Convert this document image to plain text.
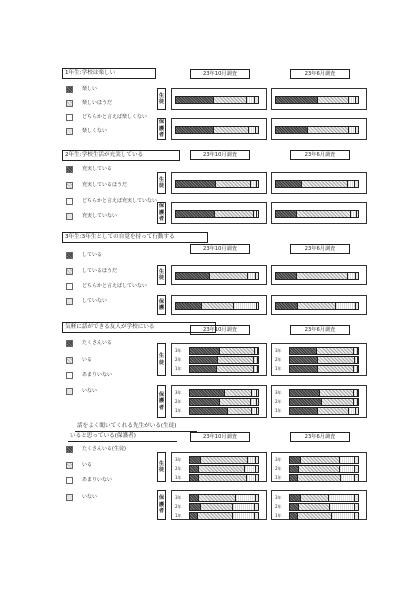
1年生:学校は楽しい	23年10月調査	23年6月調査
楽しい
楽しいほうだ
どちらかと言えば楽しくない
楽しくない
生
徒
保
護
者
2年生:学校生活が充実している	23年10月調査	23年6月調査
充実している
充実しているほうだ
どちらかと言えば充実していない
充実していない
生
徒
保
護
者
3年生:3年生としての自覚を持って行動する
23年10月調査	23年6月調査
している
しているほうだ
どちらかと言えばしていない
していない
生
徒
保
護
気軽に話ができる友人が学校にいる	23年10月調査	23年6月調査
たくさんいる
いる
あまりいない
いない
生
徒
3年
2年
1年
3年
2年
1年
保
護
者
3年
2年
1年
3年
2年
1年
話をよく聞いてくれる先生がいる(生徒)
いると思っている(保護者)	23年10月調査	23年6月調査
たくさんいる(生徒)
いる
あまりいない
いない
生
徒
3年
2年
1年
3年
2年
1年
保
護
者
3年
2年
1年
3年
2年
1年
